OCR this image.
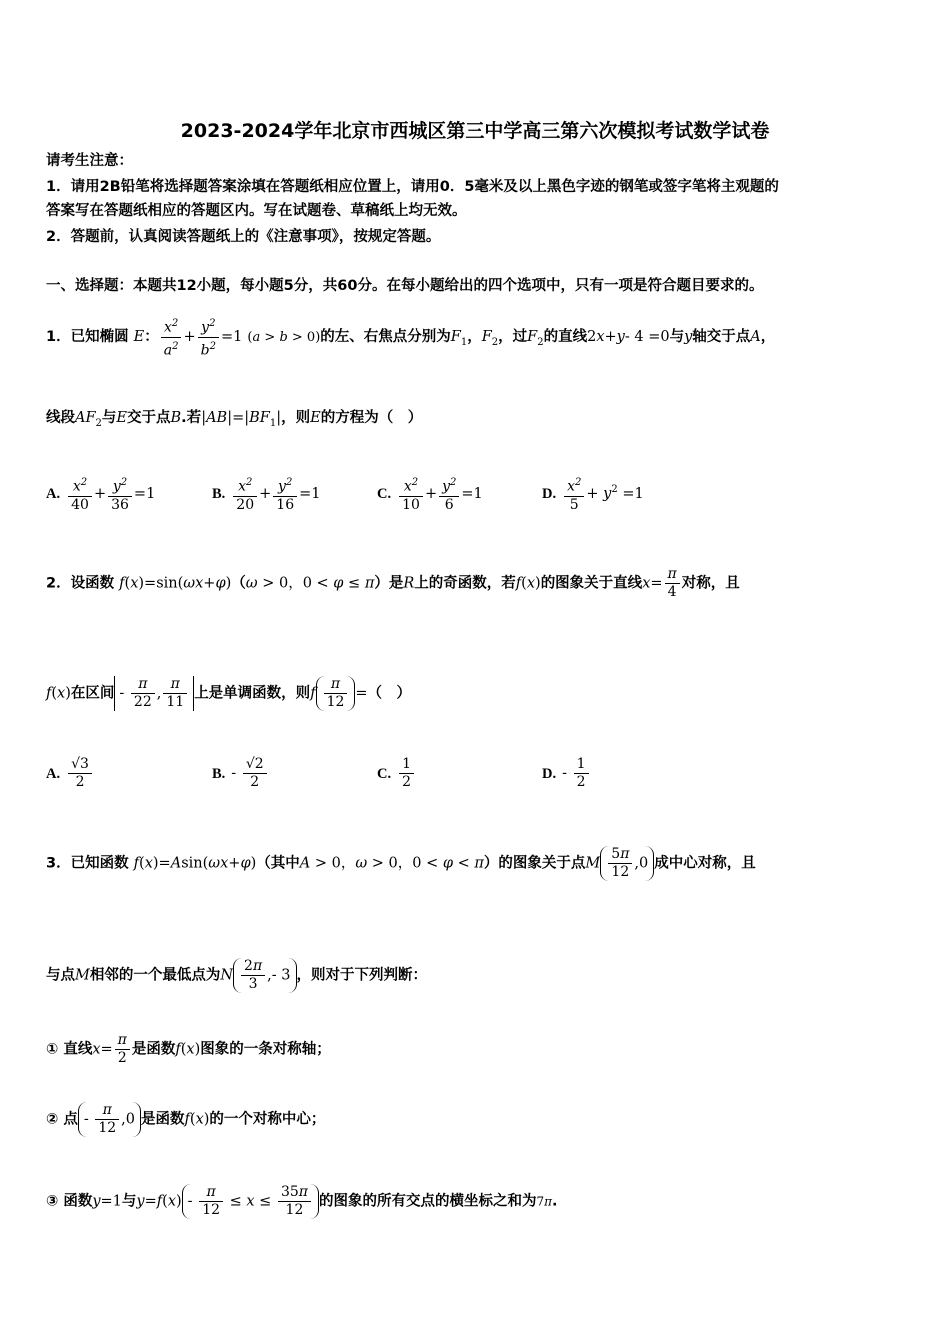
2023-2024学年北京市西城区第三中学高三第六次模拟考试数学试卷
请考生注意：
1．请用2B铅笔将选择题答案涂填在答题纸相应位置上，请用0．5毫米及以上黑色字迹的钢笔或签字笔将主观题的
答案写在答题纸相应的答题区内。写在试题卷、草稿纸上均无效。
2．答题前，认真阅读答题纸上的《注意事项》，按规定答题。
一、选择题：本题共12小题，每小题5分，共60分。在每小题给出的四个选项中，只有一项是符合题目要求的。
1．已知椭圆 E： $\frac{x^2}{a^2} + \frac{y^2}{b^2} =1$ (a > b > 0)的左、右焦点分别为$F_1$，$F_2$，过$F_2$的直线2x+y- 4 =0与y轴交于点A，
线段$AF_2$与E交于点B.若$|AB|=|BF_1|$，则E的方程为（　）
A. $\frac{x^2}{40} + \frac{y^2}{36} =1$	B. $\frac{x^2}{20} + \frac{y^2}{16} =1$	C. $\frac{x^2}{10} + \frac{y^2}{6} =1$	D. $\frac{x^2}{5} + y^2 =1$
2．设函数 f(x)=sin(ωx+φ)（ω > 0，0 < φ ≤ π）是R上的奇函数，若f(x)的图象关于直线$x= \frac{\pi}{4}$ 对称，且
f(x)在区间 - $\frac{\pi}{22}$ , $\frac{\pi}{11}$ 上是单调函数，则f $\frac{\pi}{12}$ =（　）
A. $\frac{√3}{2}$	B. - $\frac{√2}{2}$	C. $\frac{1}{2}$	D. - $\frac{1}{2}$
3．已知函数 f(x)=Asin(ωx+φ)（其中A > 0，ω > 0，0 < φ < π）的图象关于点M $\frac{5\pi}{12} ,0$ 成中心对称，且
与点M相邻的一个最低点为N $\frac{2\pi}{3}$ ,- 3 ，则对于下列判断：
① 直线$x= \frac{\pi}{2}$ 是函数f(x)图象的一条对称轴；
② 点 - $\frac{\pi}{12} ,0$ 是函数f(x)的一个对称中心；
③ 函数y=1与$y=f(x) - \frac{\pi}{12} \le x \le \frac{35\pi}{12}$ 的图象的所有交点的横坐标之和为7π.
